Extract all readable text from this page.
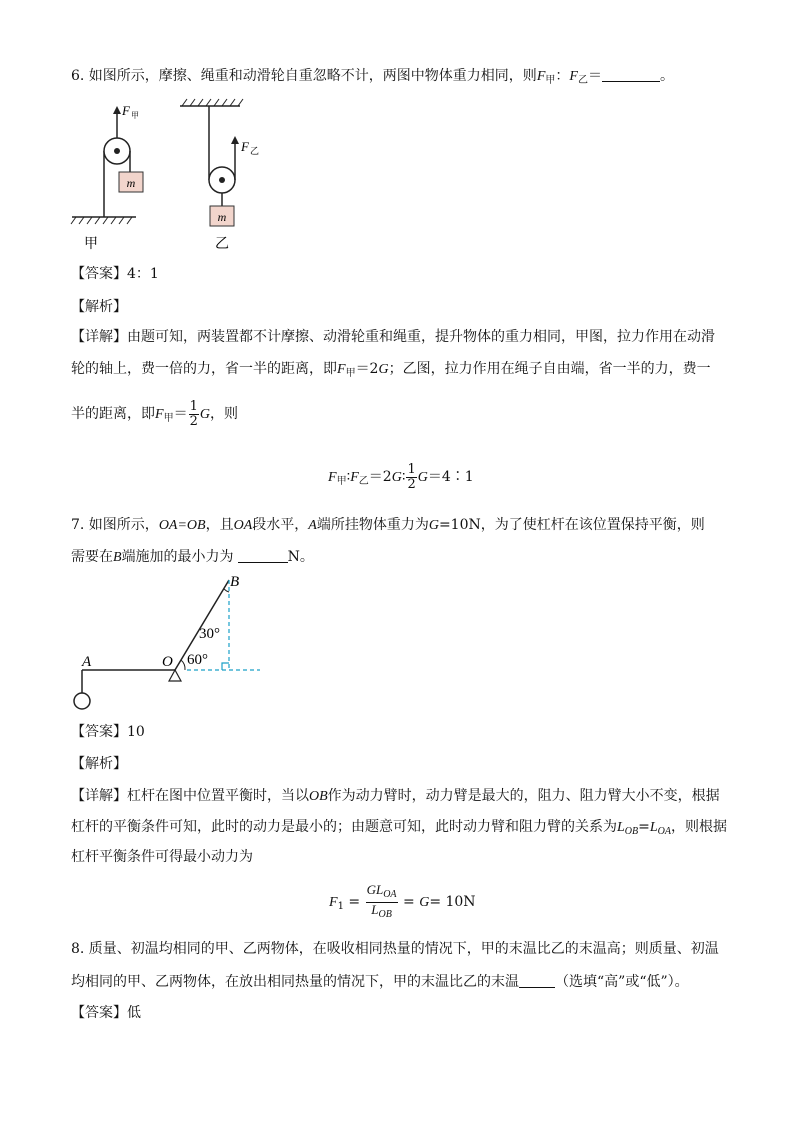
6. 如图所示，摩擦、绳重和动滑轮自重忽略不计，两图中物体重力相同，则$F_甲$：$F_乙=$	。
m
F 甲
甲
m
F 乙
乙
【答案】4：1
【解析】
【详解】由题可知，两装置都不计摩擦、动滑轮重和绳重，提升物体的重力相同，甲图，拉力作用在动滑
轮的轴上，费一倍的力，省一半的距离，即$F_甲=2G$；乙图，拉力作用在绳子自由端，省一半的力，费一
半的距离，即$F_甲= \frac{1}{2}$ G，则
$F_甲∶F_乙=2G∶ \frac{1}{2}$ G＝4∶1
7. 如图所示，OA=OB，且OA段水平，A端所挂物体重力为G=10N，为了使杠杆在该位置保持平衡，则
需要在B端施加的最小力为	N。
A	O
B
30°
60°
【答案】10
【解析】
【详解】杠杆在图中位置平衡时，当以OB作为动力臂时，动力臂是最大的，阻力、阻力臂大小不变，根据
杠杆的平衡条件可知，此时的动力是最小的；由题意可知，此时动力臂和阻力臂的关系为$L_{OB}=L_{OA}$，则根据
杠杆平衡条件可得最小动力为
$F_1 = \frac{GL_{OA}}{L_{OB}} = G= 10N$
8. 质量、初温均相同的甲、乙两物体，在吸收相同热量的情况下，甲的末温比乙的末温高；则质量、初温
均相同的甲、乙两物体，在放出相同热量的情况下，甲的末温比乙的末温	（选填“高”或“低”）。
【答案】低
